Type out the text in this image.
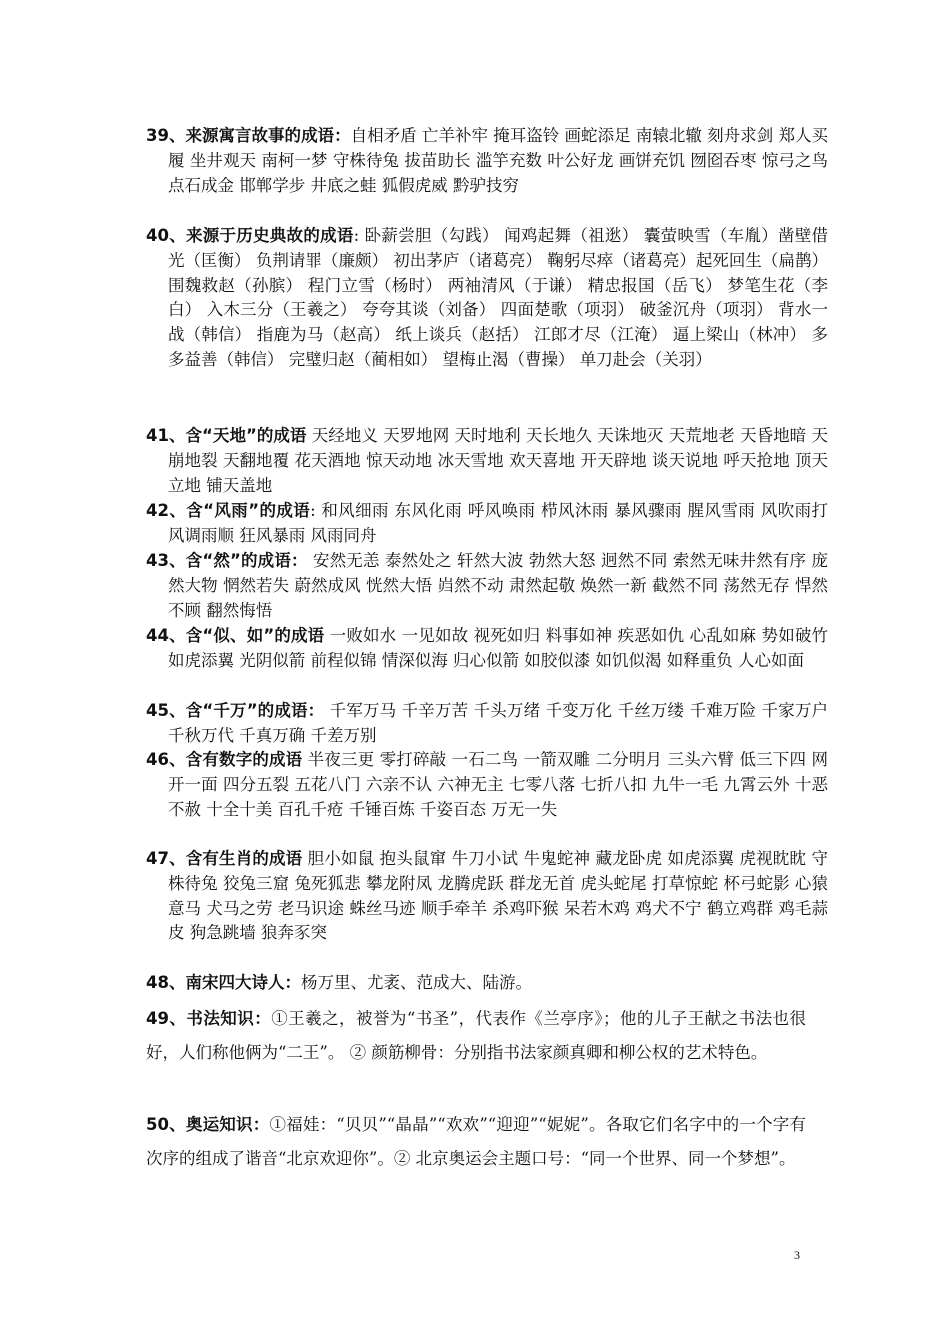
39、来源寓言故事的成语：自相矛盾 亡羊补牢 掩耳盗铃 画蛇添足 南辕北辙 刻舟求剑 郑人买履 坐井观天 南柯一梦 守株待兔 拔苗助长 滥竽充数 叶公好龙 画饼充饥 囫囵吞枣 惊弓之鸟 点石成金 邯郸学步 井底之蛙 狐假虎威 黔驴技穷
40、来源于历史典故的成语: 卧薪尝胆（勾践） 闻鸡起舞（祖逖） 囊萤映雪（车胤）凿壁借光（匡衡） 负荆请罪（廉颇） 初出茅庐（诸葛亮） 鞠躬尽瘁（诸葛亮）起死回生（扁鹊） 围魏救赵（孙膑） 程门立雪（杨时） 两袖清风（于谦） 精忠报国（岳飞） 梦笔生花（李白） 入木三分（王羲之） 夸夸其谈（刘备） 四面楚歌（项羽） 破釜沉舟（项羽） 背水一战（韩信） 指鹿为马（赵高） 纸上谈兵（赵括） 江郎才尽（江淹） 逼上梁山（林冲） 多多益善（韩信） 完璧归赵（蔺相如） 望梅止渴（曹操） 单刀赴会（关羽）
41、含“天地”的成语 天经地义 天罗地网 天时地利 天长地久 天诛地灭 天荒地老 天昏地暗 天崩地裂 天翻地覆 花天酒地 惊天动地 冰天雪地 欢天喜地 开天辟地 谈天说地 呼天抢地 顶天立地 铺天盖地
42、含“风雨”的成语: 和风细雨 东风化雨 呼风唤雨 栉风沐雨 暴风骤雨 腥风雪雨 风吹雨打 风调雨顺 狂风暴雨 风雨同舟
43、含“然”的成语： 安然无恙 泰然处之 轩然大波 勃然大怒 迥然不同 索然无味井然有序 庞然大物 惘然若失 蔚然成风 恍然大悟 岿然不动 肃然起敬 焕然一新 截然不同 荡然无存 悍然不顾 翻然悔悟
44、含“似、如”的成语 一败如水 一见如故 视死如归 料事如神 疾恶如仇 心乱如麻 势如破竹 如虎添翼 光阴似箭 前程似锦 情深似海 归心似箭 如胶似漆 如饥似渴 如释重负 人心如面
45、含“千万”的成语： 千军万马 千辛万苦 千头万绪 千变万化 千丝万缕 千难万险 千家万户 千秋万代 千真万确 千差万别
46、含有数字的成语 半夜三更 零打碎敲 一石二鸟 一箭双雕 二分明月 三头六臂 低三下四 网开一面 四分五裂 五花八门 六亲不认 六神无主 七零八落 七折八扣 九牛一毛 九霄云外 十恶不赦 十全十美 百孔千疮 千锤百炼 千姿百态 万无一失
47、含有生肖的成语 胆小如鼠 抱头鼠窜 牛刀小试 牛鬼蛇神 藏龙卧虎 如虎添翼 虎视眈眈 守株待兔 狡兔三窟 兔死狐悲 攀龙附凤 龙腾虎跃 群龙无首 虎头蛇尾 打草惊蛇 杯弓蛇影 心猿意马 犬马之劳 老马识途 蛛丝马迹 顺手牵羊 杀鸡吓猴 呆若木鸡 鸡犬不宁 鹤立鸡群 鸡毛蒜皮 狗急跳墙 狼奔豕突
48、南宋四大诗人：杨万里、尤袤、范成大、陆游。
49、书法知识：①王羲之，被誉为“书圣”，代表作《兰亭序》；他的儿子王献之书法也很好，人们称他俩为“二王”。 ② 颜筋柳骨：分别指书法家颜真卿和柳公权的艺术特色。
50、奥运知识：①福娃：“贝贝”“晶晶”“欢欢”“迎迎”“妮妮”。各取它们名字中的一个字有次序的组成了谐音“北京欢迎你”。② 北京奥运会主题口号：“同一个世界、同一个梦想”。
3
